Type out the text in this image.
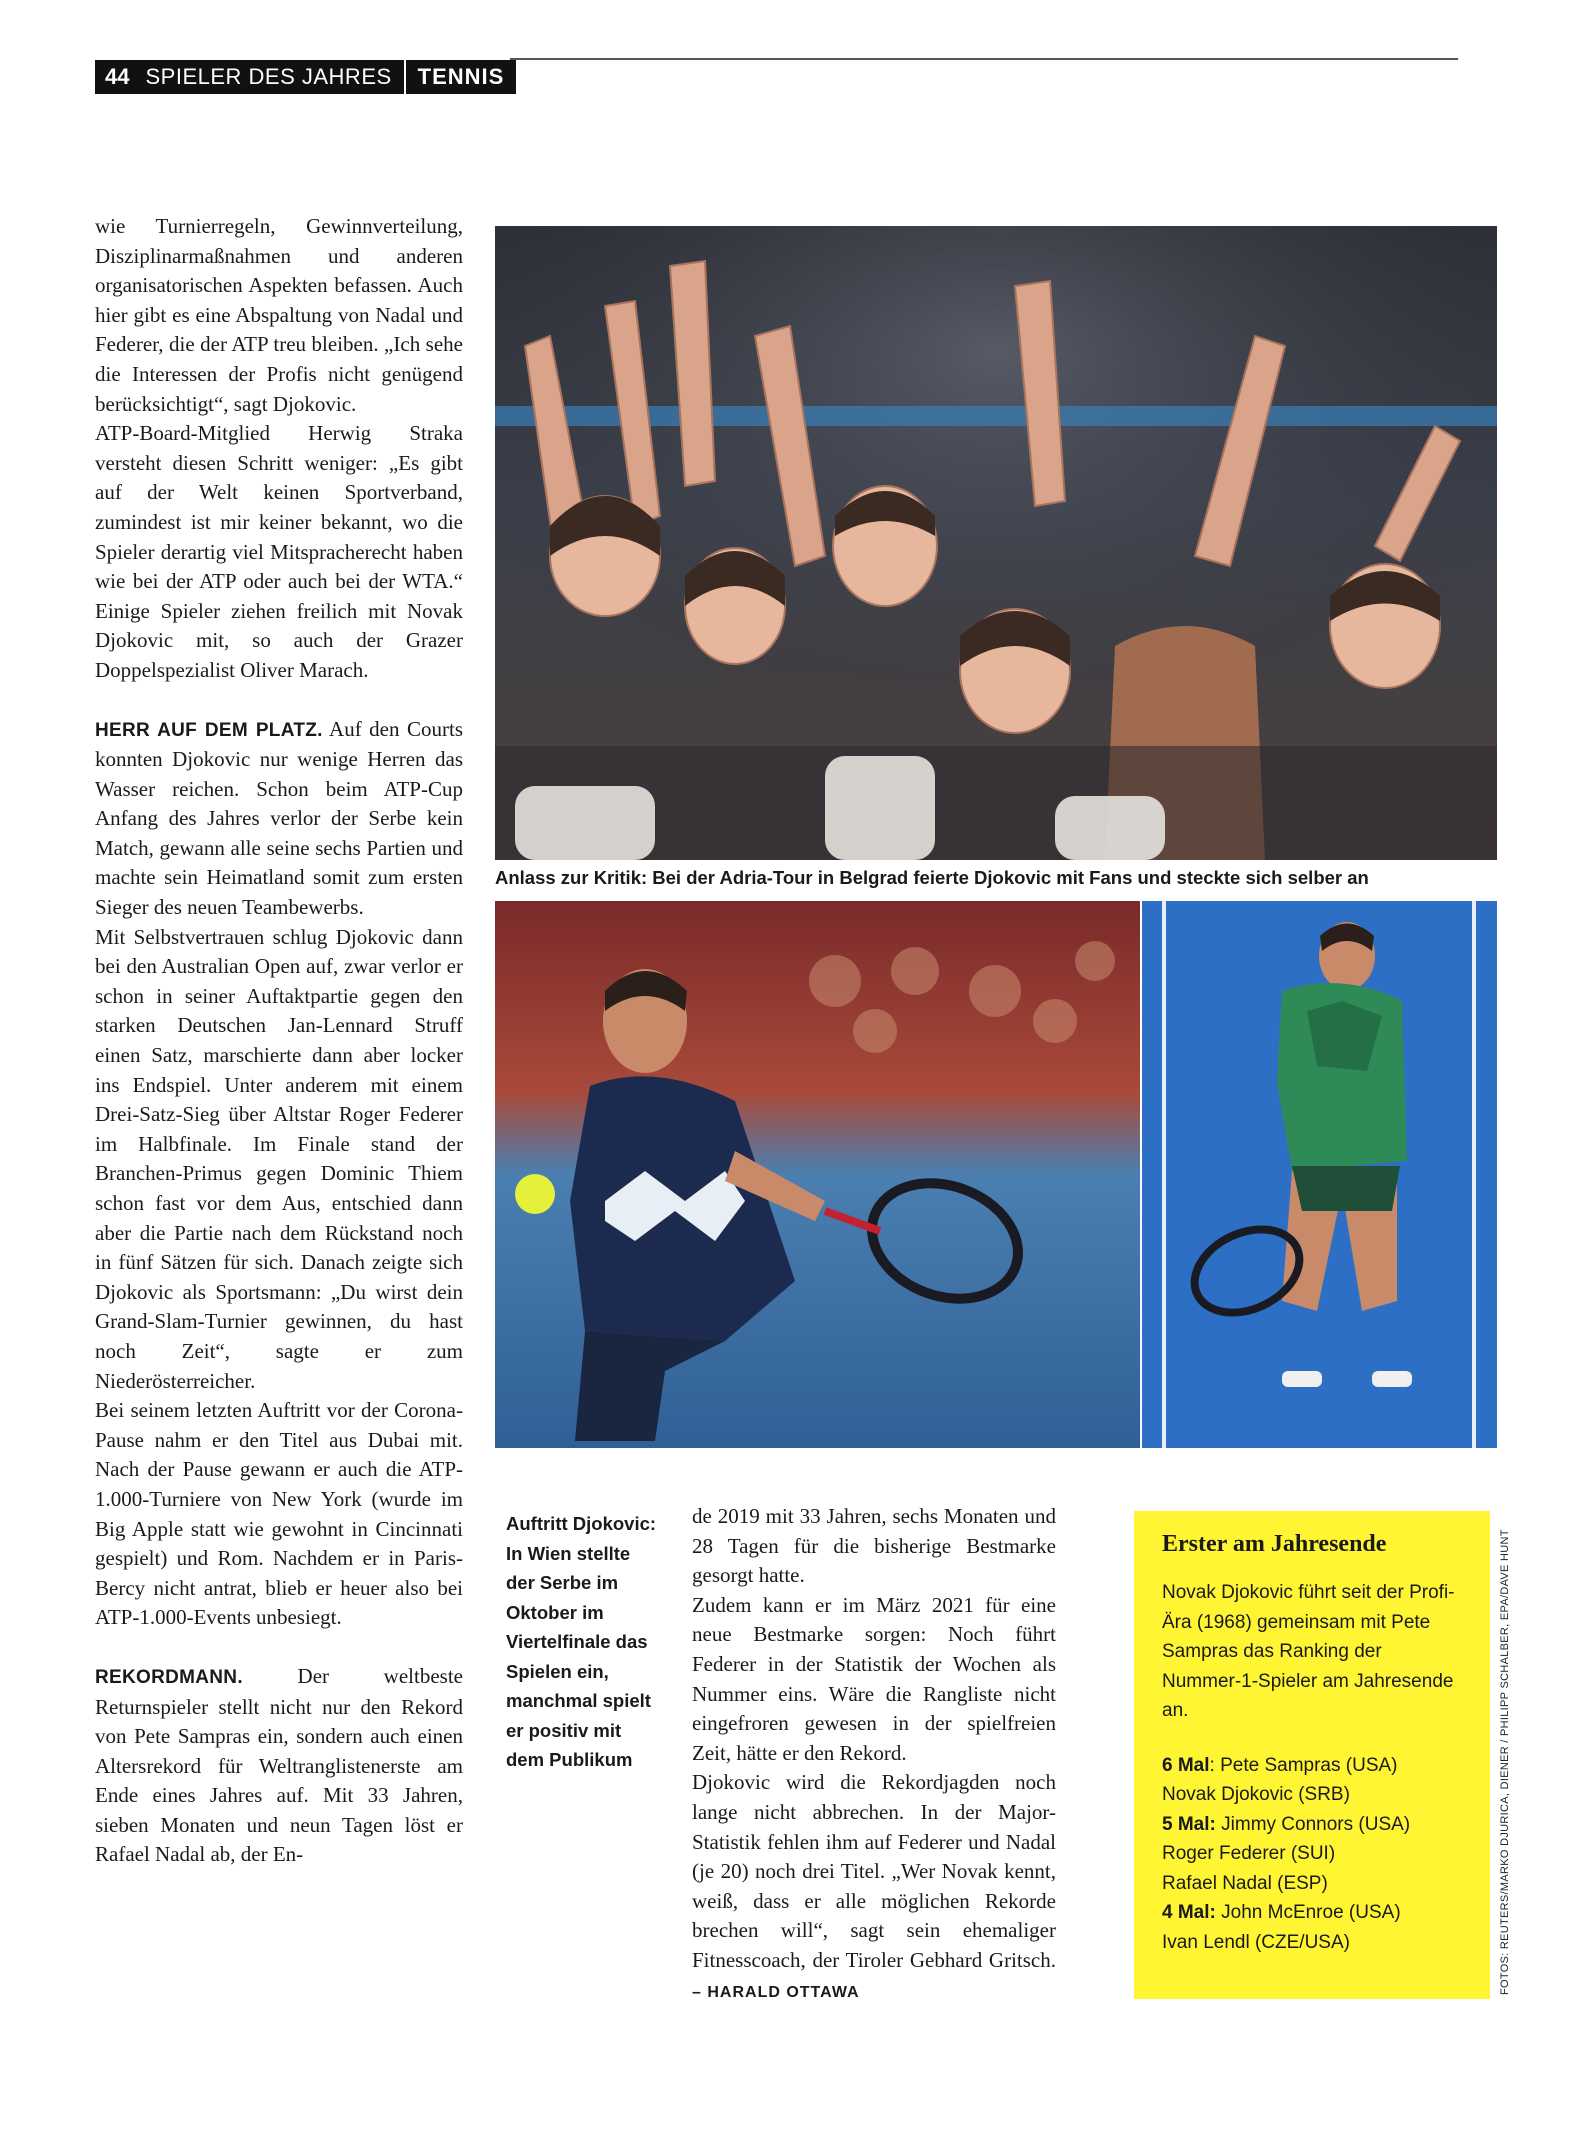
44 SPIELER DES JAHRES	TENNIS

wie Turnierregeln, Gewinnverteilung, Disziplinarmaßnahmen und anderen organisatorischen Aspekten befassen. Auch hier gibt es eine Abspaltung von Nadal und Federer, die der ATP treu bleiben. „Ich sehe die Interessen der Profis nicht genügend berücksichtigt“, sagt Djokovic.

ATP-Board-Mitglied Herwig Straka versteht diesen Schritt weniger: „Es gibt auf der Welt keinen Sportverband, zumindest ist mir keiner bekannt, wo die Spieler derartig viel Mitspracherecht haben wie bei der ATP oder auch bei der WTA.“ Einige Spieler ziehen freilich mit Novak Djokovic mit, so auch der Grazer Doppelspezialist Oliver Marach.

HERR AUF DEM PLATZ. Auf den Courts konnten Djokovic nur wenige Herren das Wasser reichen. Schon beim ATP-Cup Anfang des Jahres verlor der Serbe kein Match, gewann alle seine sechs Partien und machte sein Heimatland somit zum ersten Sieger des neuen Teambewerbs.

Mit Selbstvertrauen schlug Djokovic dann bei den Australian Open auf, zwar verlor er schon in seiner Auftaktpartie gegen den starken Deutschen Jan-Lennard Struff einen Satz, marschierte dann aber locker ins Endspiel. Unter anderem mit einem Drei-Satz-Sieg über Altstar Roger Federer im Halbfinale. Im Finale stand der Branchen-Primus gegen Dominic Thiem schon fast vor dem Aus, entschied dann aber die Partie nach dem Rückstand noch in fünf Sätzen für sich. Danach zeigte sich Djokovic als Sportsmann: „Du wirst dein Grand-Slam-Turnier gewinnen, du hast noch Zeit“, sagte er zum Niederösterreicher.

Bei seinem letzten Auftritt vor der Corona-Pause nahm er den Titel aus Dubai mit. Nach der Pause gewann er auch die ATP-1.000-Turniere von New York (wurde im Big Apple statt wie gewohnt in Cincinnati gespielt) und Rom. Nachdem er in Paris-Bercy nicht antrat, blieb er heuer also bei ATP-1.000-Events unbesiegt.

REKORDMANN. Der weltbeste Returnspieler stellt nicht nur den Rekord von Pete Sampras ein, sondern auch einen Altersrekord für Weltranglistenerste am Ende eines Jahres auf. Mit 33 Jahren, sieben Monaten und neun Tagen löst er Rafael Nadal ab, der En-

Anlass zur Kritik: Bei der Adria-Tour in Belgrad feierte Djokovic mit Fans und steckte sich selber an
Auftritt Djokovic: In Wien stellte der Serbe im Oktober im Viertelfinale das Spielen ein, manchmal spielt er positiv mit dem Publikum

de 2019 mit 33 Jahren, sechs Monaten und 28 Tagen für die bisherige Bestmarke gesorgt hatte.

Zudem kann er im März 2021 für eine neue Bestmarke sorgen: Noch führt Federer in der Statistik der Wochen als Nummer eins. Wäre die Rangliste nicht eingefroren gewesen in der spielfreien Zeit, hätte er den Rekord.

Djokovic wird die Rekordjagden noch lange nicht abbrechen. In der Major-Statistik fehlen ihm auf Federer und Nadal (je 20) noch drei Titel. „Wer Novak kennt, weiß, dass er alle möglichen Rekorde brechen will“, sagt sein ehemaliger Fitnesscoach, der Tiroler Gebhard Gritsch. – HARALD OTTAWA

Erster am Jahresende
Novak Djokovic führt seit der Profi-Ära (1968) gemeinsam mit Pete Sampras das Ranking der Nummer-1-Spieler am Jahresende an.
6 Mal: Pete Sampras (USA)
Novak Djokovic (SRB)
5 Mal: Jimmy Connors (USA)
Roger Federer (SUI)
Rafael Nadal (ESP)
4 Mal: John McEnroe (USA)
Ivan Lendl (CZE/USA)	FOTOS: REUTERS/MARKO DJURICA, DIENER / PHILIPP SCHALBER, EPA/DAVE HUNT
